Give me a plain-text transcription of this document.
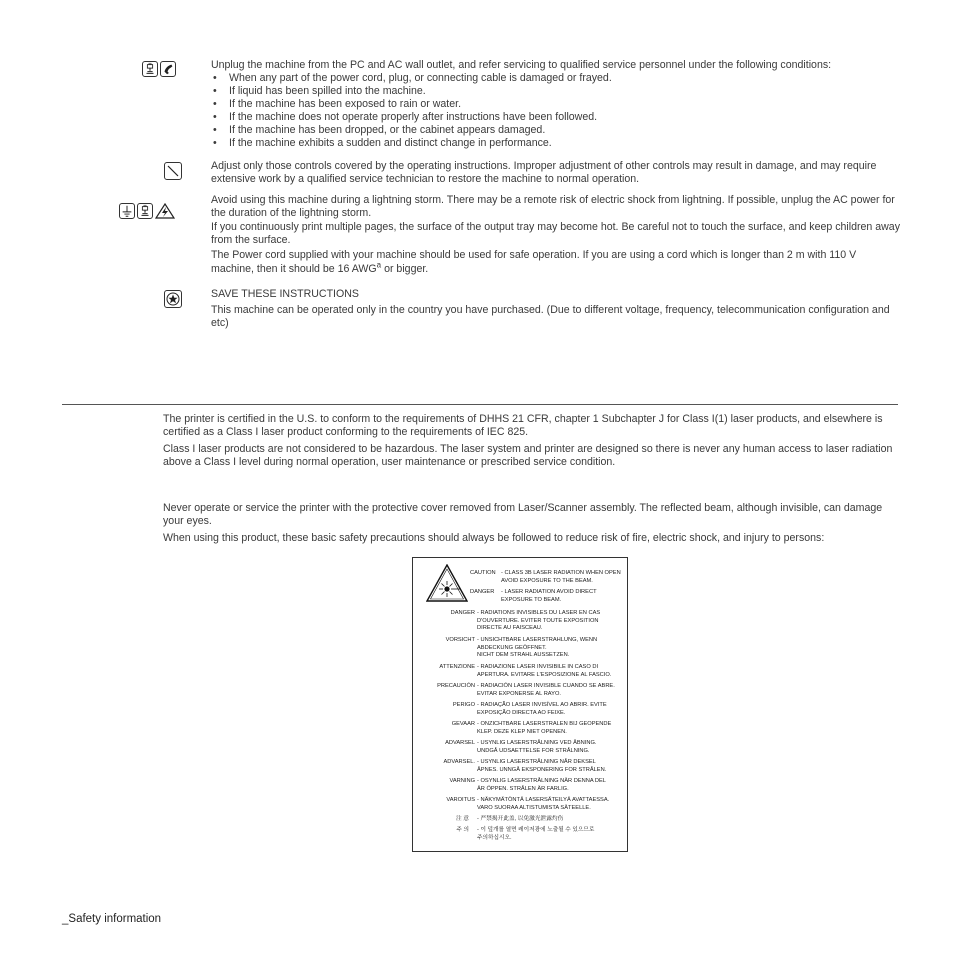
Unplug the machine from the PC and AC wall outlet, and refer servicing to qualified service personnel under the following conditions:

• When any part of the power cord, plug, or connecting cable is damaged or frayed.
• If liquid has been spilled into the machine.
• If the machine has been exposed to rain or water.
• If the machine does not operate properly after instructions have been followed.
• If the machine has been dropped, or the cabinet appears damaged.
• If the machine exhibits a sudden and distinct change in performance.

Adjust only those controls covered by the operating instructions. Improper adjustment of other controls may result in damage, and may require extensive work by a qualified service technician to restore the machine to normal operation.

Avoid using this machine during a lightning storm. There may be a remote risk of electric shock from lightning. If possible, unplug the AC power for the duration of the lightning storm.

If you continuously print multiple pages, the surface of the output tray may become hot. Be careful not to touch the surface, and keep children away from the surface.

The Power cord supplied with your machine should be used for safe operation. If you are using a cord which is longer than 2 m with 110 V machine, then it should be 16 AWG$^a$ or bigger.

SAVE THESE INSTRUCTIONS

This machine can be operated only in the country you have purchased. (Due to different voltage, frequency, telecommunication configuration and etc)

The printer is certified in the U.S. to conform to the requirements of DHHS 21 CFR, chapter 1 Subchapter J for Class I(1) laser products, and elsewhere is certified as a Class I laser product conforming to the requirements of IEC 825.

Class I laser products are not considered to be hazardous. The laser system and printer are designed so there is never any human access to laser radiation above a Class I level during normal operation, user maintenance or prescribed service condition.

Never operate or service the printer with the protective cover removed from Laser/Scanner assembly. The reflected beam, although invisible, can damage your eyes.

When using this product, these basic safety precautions should always be followed to reduce risk of fire, electric shock, and injury to persons:

CAUTION - CLASS 3B LASER RADIATION WHEN OPEN
AVOID EXPOSURE TO THE BEAM.
DANGER - LASER RADIATION AVOID DIRECT
EXPOSURE TO BEAM.
DANGER - RADIATIONS INVISIBLES DU LASER EN CAS
D'OUVERTURE. EVITER TOUTE EXPOSITION
DIRECTE AU FAISCEAU.
VORSICHT - UNSICHTBARE LASERSTRAHLUNG, WENN
ABDECKUNG GEÖFFNET.
NICHT DEM STRAHL AUSSETZEN.
ATTENZIONE - RADIAZIONE LASER INVISIBILE IN CASO DI
APERTURA. EVITARE L'ESPOSIZIONE AL FASCIO.
PRECAUCIÓN - RADIACIÓN LASER INVISIBLE CUANDO SE ABRE.
EVITAR EXPONERSE AL RAYO.
PERIGO - RADIAÇÃO LASER INVISÍVEL AO ABRIR. EVITE
EXPOSIÇÃO DIRECTA AO FEIXE.
GEVAAR - ONZICHTBARE LASERSTRALEN BIJ GEOPENDE
KLEP. DEZE KLEP NIET OPENEN.
ADVARSEL - USYNLIG LASERSTRÅLNING VED ÅBNING.
UNDGÅ UDSAETTELSE FOR STRÅLNING.
ADVARSEL. - USYNLIG LASERSTRÅLNING NÅR DEKSEL
ÅPNES. UNNGÅ EKSPONERING FOR STRÅLEN.
VARNING - OSYNLIG LASERSTRÅLNING NÄR DENNA DEL
ÄR ÖPPEN. STRÅLEN ÄR FARLIG.
VAROITUS - NÄKYMÄTÖNTÄ LASERSÄTEILYÄ AVATTAESSA.
VARO SUORAA ALTISTUMISTA SÄTEELLE.
注 意 - 严禁揭开此盖, 以免激光泄露灼伤
주 의 - 이 덮개를 열면 레이저광에 노출될 수 있으므로
주의하십시오.
_Safety information
